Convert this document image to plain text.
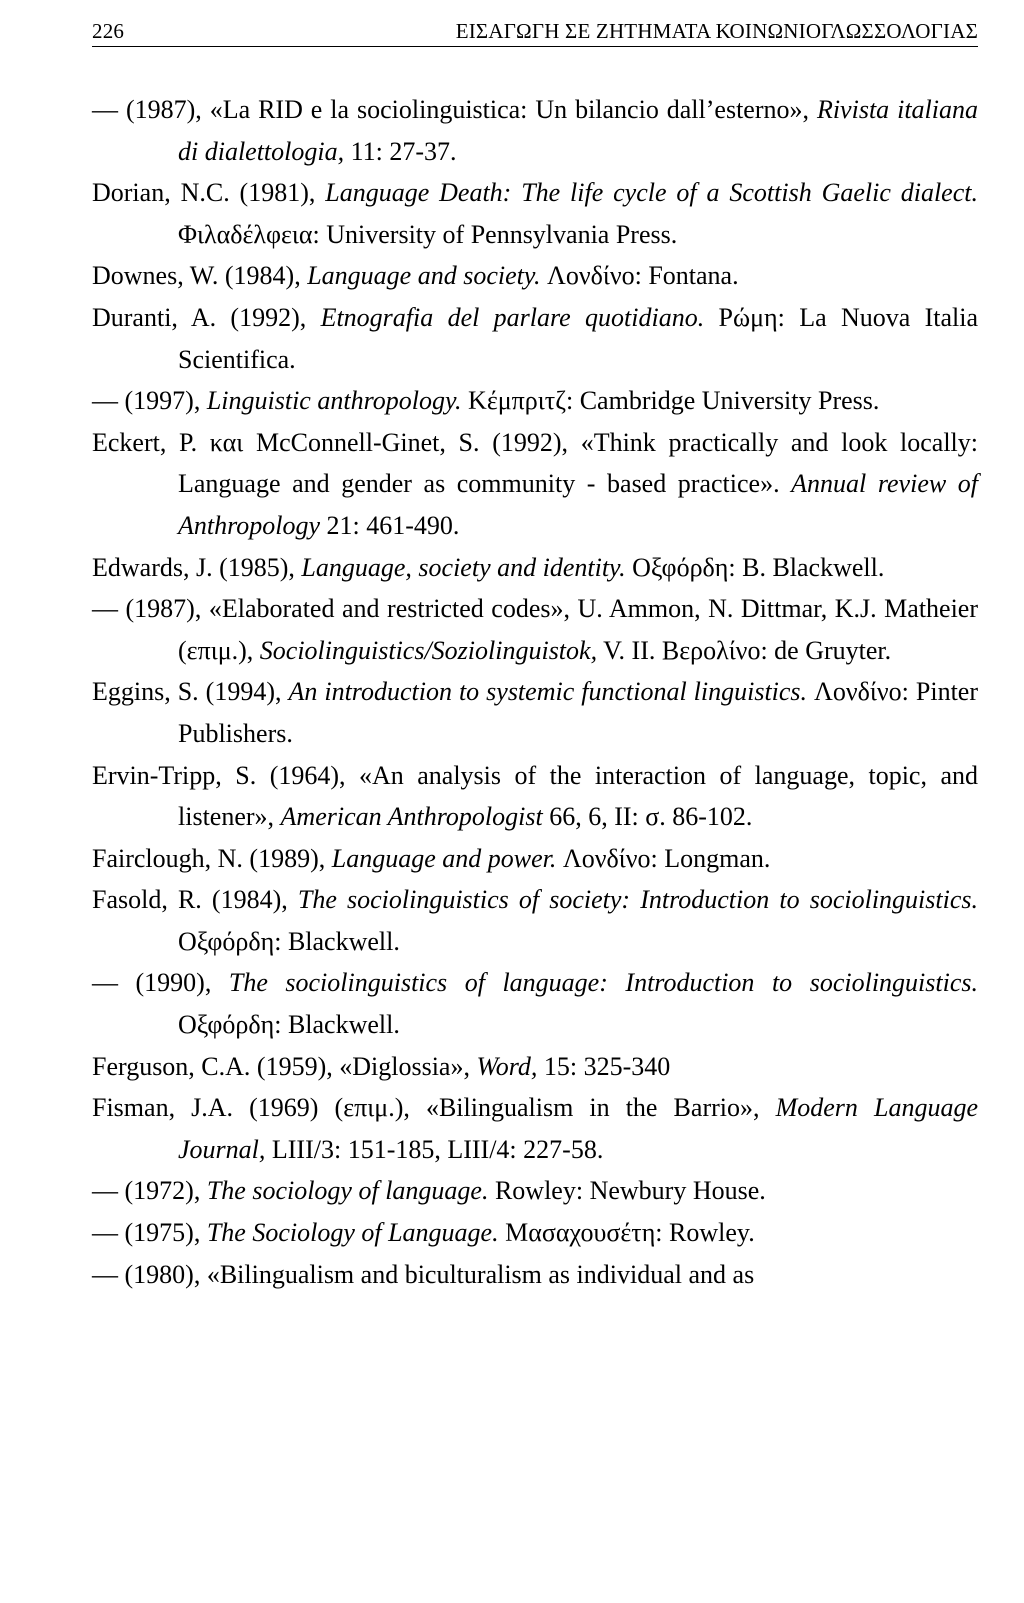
226	ΕΙΣΑΓΩΓΗ ΣΕ ΖΗΤΗΜΑΤΑ ΚΟΙΝΩΝΙΟΓΛΩΣΣΟΛΟΓΙΑΣ
— (1987), «La RID e la sociolinguistica: Un bilancio dall’esterno», Rivista italiana di dialettologia, 11: 27-37.
Dorian, N.C. (1981), Language Death: The life cycle of a Scottish Gaelic dialect. Φιλαδέλφεια: University of Pennsylvania Press.
Downes, W. (1984), Language and society. Λονδίνο: Fontana.
Duranti, A. (1992), Etnografia del parlare quotidiano. Ρώμη: La Nuova Italia Scientifica.
— (1997), Linguistic anthropology. Κέμπριτζ: Cambridge University Press.
Eckert, P. και McConnell-Ginet, S. (1992), «Think practically and look locally: Language and gender as community - based practice». Annual review of Anthropology 21: 461-490.
Edwards, J. (1985), Language, society and identity. Οξφόρδη: B. Blackwell.
— (1987), «Elaborated and restricted codes», U. Ammon, N. Dittmar, K.J. Matheier (επιμ.), Sociolinguistics/Soziolinguistok, V. II. Βερολίνο: de Gruyter.
Eggins, S. (1994), An introduction to systemic functional linguistics. Λονδίνο: Pinter Publishers.
Ervin-Tripp, S. (1964), «An analysis of the interaction of language, topic, and listener», American Anthropologist 66, 6, II: σ. 86-102.
Fairclough, N. (1989), Language and power. Λονδίνο: Longman.
Fasold, R. (1984), The sociolinguistics of society: Introduction to sociolinguistics. Οξφόρδη: Blackwell.
— (1990), The sociolinguistics of language: Introduction to sociolinguistics. Οξφόρδη: Blackwell.
Ferguson, C.A. (1959), «Diglossia», Word, 15: 325-340
Fisman, J.A. (1969) (επιμ.), «Bilingualism in the Barrio», Modern Language Journal, LIII/3: 151-185, LIII/4: 227-58.
— (1972), The sociology of language. Rowley: Newbury House.
— (1975), The Sociology of Language. Μασαχουσέτη: Rowley.
— (1980), «Bilingualism and biculturalism as individual and as
